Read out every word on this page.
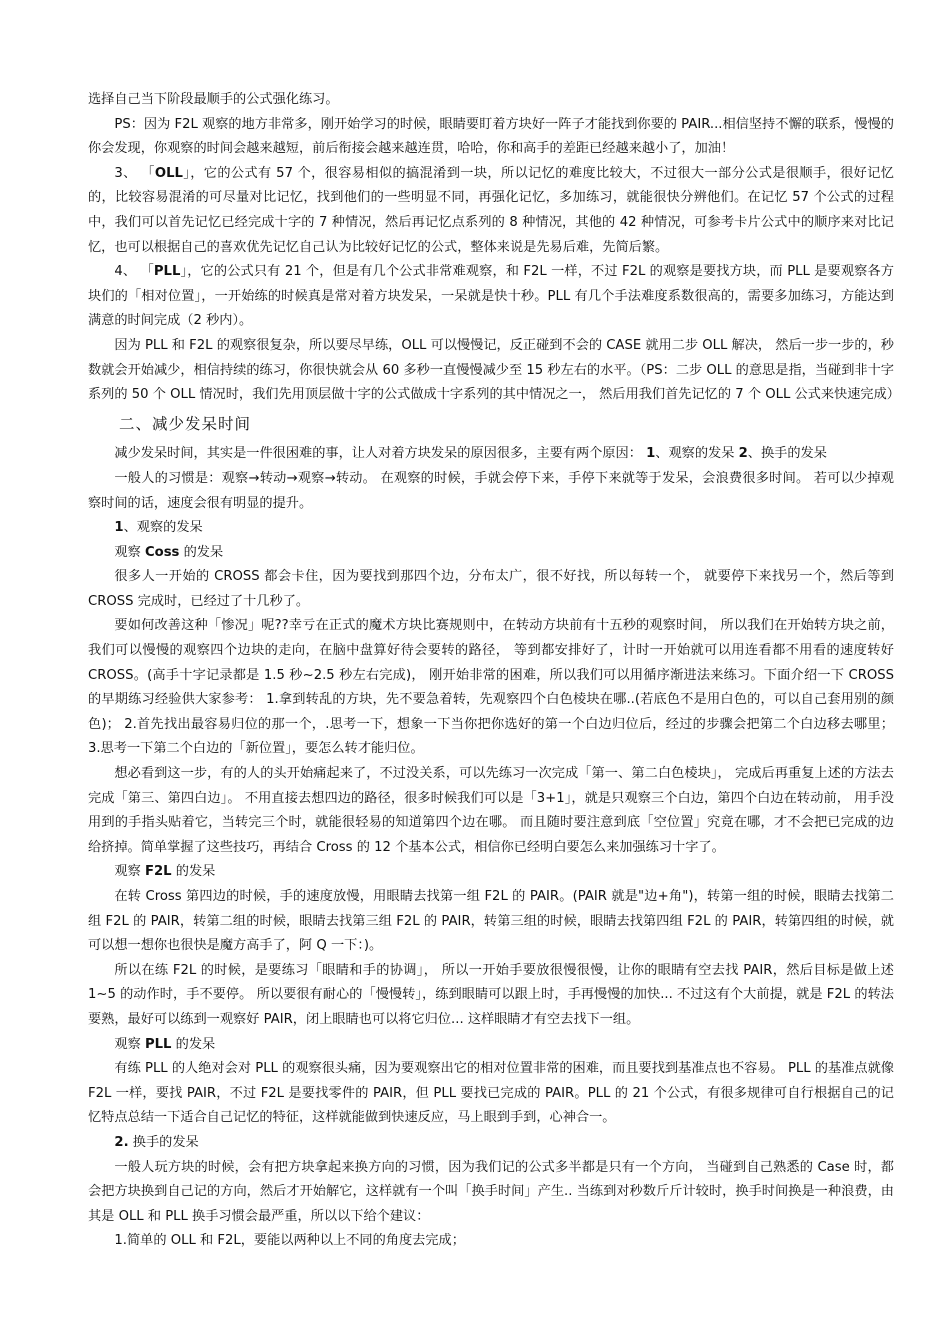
选择自己当下阶段最顺手的公式强化练习。

PS：因为 F2L 观察的地方非常多，刚开始学习的时候，眼睛要盯着方块好一阵子才能找到你要的 PAIR...相信坚持不懈的联系，慢慢的你会发现，你观察的时间会越来越短，前后衔接会越来越连贯，哈哈，你和高手的差距已经越来越小了，加油！

3、 「OLL」，它的公式有 57 个，很容易相似的搞混淆到一块，所以记忆的难度比较大，不过很大一部分公式是很顺手，很好记忆的，比较容易混淆的可尽量对比记忆，找到他们的一些明显不同，再强化记忆，多加练习，就能很快分辨他们。在记忆 57 个公式的过程中，我们可以首先记忆已经完成十字的 7 种情况，然后再记忆点系列的 8 种情况，其他的 42 种情况，可参考卡片公式中的顺序来对比记忆，也可以根据自己的喜欢优先记忆自己认为比较好记忆的公式，整体来说是先易后难，先简后繁。

4、 「PLL」，它的公式只有 21 个，但是有几个公式非常难观察，和 F2L 一样，不过 F2L 的观察是要找方块，而 PLL 是要观察各方块们的「相对位置」，一开始练的时候真是常对着方块发呆，一呆就是快十秒。PLL 有几个手法难度系数很高的，需要多加练习，方能达到满意的时间完成（2 秒内）。

因为 PLL 和 F2L 的观察很复杂，所以要尽早练，OLL 可以慢慢记，反正碰到不会的 CASE 就用二步 OLL 解决， 然后一步一步的，秒数就会开始减少，相信持续的练习，你很快就会从 60 多秒一直慢慢减少至 15 秒左右的水平。（PS：二步 OLL 的意思是指，当碰到非十字系列的 50 个 OLL 情况时，我们先用顶层做十字的公式做成十字系列的其中情况之一， 然后用我们首先记忆的 7 个 OLL 公式来快速完成）

二、减少发呆时间

减少发呆时间，其实是一件很困难的事，让人对着方块发呆的原因很多，主要有两个原因： 1、观察的发呆 2、换手的发呆

一般人的习惯是：观察→转动→观察→转动。 在观察的时候，手就会停下来，手停下来就等于发呆，会浪费很多时间。 若可以少掉观察时间的话，速度会很有明显的提升。

1、观察的发呆

观察 Coss 的发呆

很多人一开始的 CROSS 都会卡住，因为要找到那四个边，分布太广，很不好找，所以每转一个， 就要停下来找另一个，然后等到 CROSS 完成时，已经过了十几秒了。

要如何改善这种「惨况」呢??幸亏在正式的魔术方块比赛规则中，在转动方块前有十五秒的观察时间， 所以我们在开始转方块之前，我们可以慢慢的观察四个边块的走向，在脑中盘算好待会要转的路径， 等到都安排好了，计时一开始就可以用连看都不用看的速度转好 CROSS。(高手十字记录都是 1.5 秒~2.5 秒左右完成)， 刚开始非常的困难，所以我们可以用循序渐进法来练习。下面介绍一下 CROSS 的早期练习经验供大家参考： 1.拿到转乱的方块，先不要急着转，先观察四个白色棱块在哪..(若底色不是用白色的，可以自己套用别的颜色)； 2.首先找出最容易归位的那一个，.思考一下，想象一下当你把你选好的第一个白边归位后，经过的步骤会把第二个白边移去哪里； 3.思考一下第二个白边的「新位置」，要怎么转才能归位。

想必看到这一步，有的人的头开始痛起来了，不过没关系，可以先练习一次完成「第一、第二白色棱块」， 完成后再重复上述的方法去完成「第三、第四白边」。 不用直接去想四边的路径，很多时候我们可以是「3+1」，就是只观察三个白边，第四个白边在转动前， 用手没用到的手指头贴着它，当转完三个时，就能很轻易的知道第四个边在哪。 而且随时要注意到底「空位置」究竟在哪，才不会把已完成的边给挤掉。简单掌握了这些技巧，再结合 Cross 的 12 个基本公式，相信你已经明白要怎么来加强练习十字了。

观察 F2L 的发呆

在转 Cross 第四边的时候，手的速度放慢，用眼睛去找第一组 F2L 的 PAIR。(PAIR 就是"边+角")，转第一组的时候，眼睛去找第二组 F2L 的 PAIR，转第二组的时候，眼睛去找第三组 F2L 的 PAIR，转第三组的时候，眼睛去找第四组 F2L 的 PAIR，转第四组的时候，就可以想一想你也很快是魔方高手了，阿 Q 一下：)。

所以在练 F2L 的时候，是要练习「眼睛和手的协调」， 所以一开始手要放很慢很慢，让你的眼睛有空去找 PAIR，然后目标是做上述 1~5 的动作时，手不要停。 所以要很有耐心的「慢慢转」，练到眼睛可以跟上时，手再慢慢的加快... 不过这有个大前提，就是 F2L 的转法要熟，最好可以练到一观察好 PAIR，闭上眼睛也可以将它归位... 这样眼睛才有空去找下一组。

观察 PLL 的发呆

有练 PLL 的人绝对会对 PLL 的观察很头痛，因为要观察出它的相对位置非常的困难，而且要找到基准点也不容易。 PLL 的基准点就像 F2L 一样，要找 PAIR，不过 F2L 是要找零件的 PAIR，但 PLL 要找已完成的 PAIR。PLL 的 21 个公式，有很多规律可自行根据自己的记忆特点总结一下适合自己记忆的特征，这样就能做到快速反应，马上眼到手到，心神合一。

2. 换手的发呆

一般人玩方块的时候，会有把方块拿起来换方向的习惯，因为我们记的公式多半都是只有一个方向， 当碰到自己熟悉的 Case 时，都会把方块换到自己记的方向，然后才开始解它，这样就有一个叫「换手时间」产生.. 当练到对秒数斤斤计较时，换手时间换是一种浪费，由其是 OLL 和 PLL 换手习惯会最严重，所以以下给个建议：

1.简单的 OLL 和 F2L，要能以两种以上不同的角度去完成；
